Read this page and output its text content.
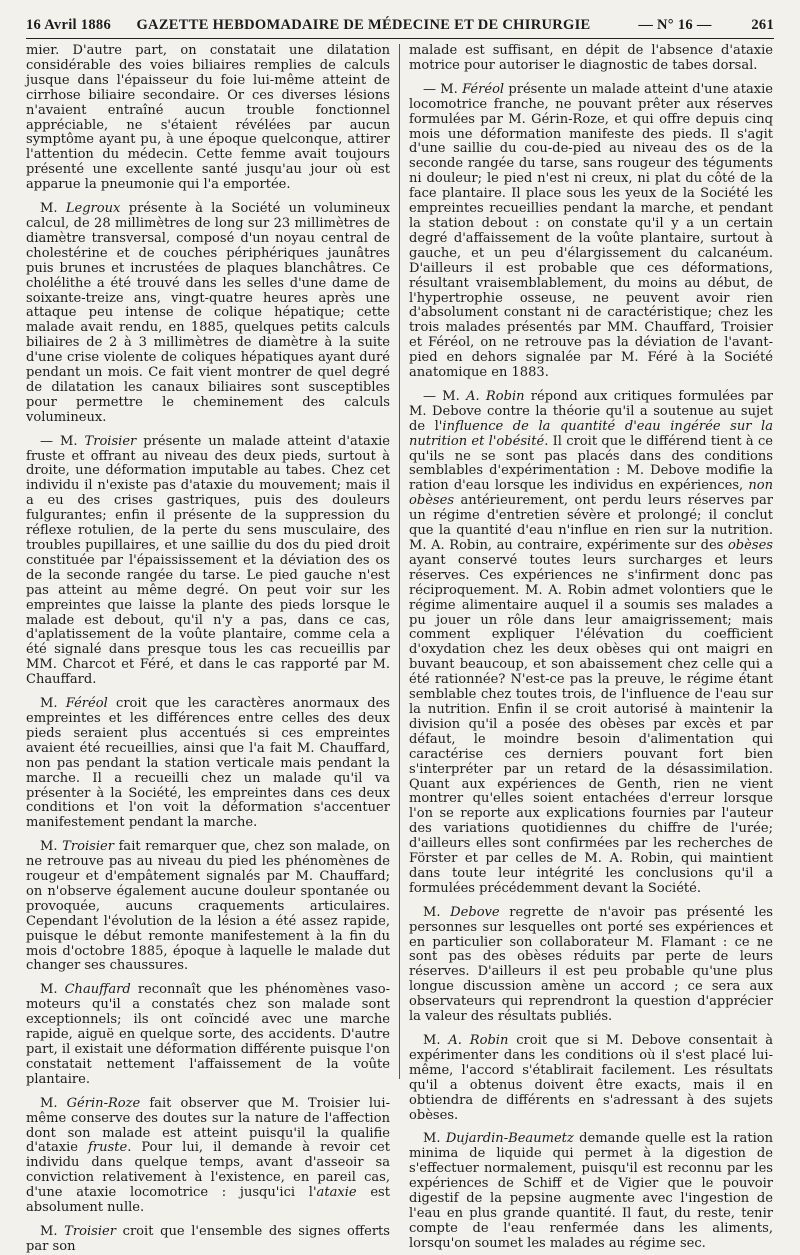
16 Avril 1886	GAZETTE HEBDOMADAIRE DE MÉDECINE ET DE CHIRURGIE	— N° 16 —	261

mier. D'autre part, on constatait une dilatation considérable des voies biliaires remplies de calculs jusque dans l'épaisseur du foie lui-même atteint de cirrhose biliaire secondaire. Or ces diverses lésions n'avaient entraîné aucun trouble fonctionnel appréciable, ne s'étaient révélées par aucun symptôme ayant pu, à une époque quelconque, attirer l'attention du médecin. Cette femme avait toujours présenté une excellente santé jusqu'au jour où est apparue la pneumonie qui l'a emportée.

M. Legroux présente à la Société un volumineux calcul, de 28 millimètres de long sur 23 millimètres de diamètre transversal, composé d'un noyau central de cholestérine et de couches périphériques jaunâtres puis brunes et incrustées de plaques blanchâtres. Ce cholélithe a été trouvé dans les selles d'une dame de soixante-treize ans, vingt-quatre heures après une attaque peu intense de colique hépatique; cette malade avait rendu, en 1885, quelques petits calculs biliaires de 2 à 3 millimètres de diamètre à la suite d'une crise violente de coliques hépatiques ayant duré pendant un mois. Ce fait vient montrer de quel degré de dilatation les canaux biliaires sont susceptibles pour permettre le cheminement des calculs volumineux.

— M. Troisier présente un malade atteint d'ataxie fruste et offrant au niveau des deux pieds, surtout à droite, une déformation imputable au tabes. Chez cet individu il n'existe pas d'ataxie du mouvement; mais il a eu des crises gastriques, puis des douleurs fulgurantes; enfin il présente de la suppression du réflexe rotulien, de la perte du sens musculaire, des troubles pupillaires, et une saillie du dos du pied droit constituée par l'épaississement et la déviation des os de la seconde rangée du tarse. Le pied gauche n'est pas atteint au même degré. On peut voir sur les empreintes que laisse la plante des pieds lorsque le malade est debout, qu'il n'y a pas, dans ce cas, d'aplatissement de la voûte plantaire, comme cela a été signalé dans presque tous les cas recueillis par MM. Charcot et Féré, et dans le cas rapporté par M. Chauffard.

M. Féréol croit que les caractères anormaux des empreintes et les différences entre celles des deux pieds seraient plus accentués si ces empreintes avaient été recueillies, ainsi que l'a fait M. Chauffard, non pas pendant la station verticale mais pendant la marche. Il a recueilli chez un malade qu'il va présenter à la Société, les empreintes dans ces deux conditions et l'on voit la déformation s'accentuer manifestement pendant la marche.

M. Troisier fait remarquer que, chez son malade, on ne retrouve pas au niveau du pied les phénomènes de rougeur et d'empâtement signalés par M. Chauffard; on n'observe également aucune douleur spontanée ou provoquée, aucuns craquements articulaires. Cependant l'évolution de la lésion a été assez rapide, puisque le début remonte manifestement à la fin du mois d'octobre 1885, époque à laquelle le malade dut changer ses chaussures.

M. Chauffard reconnaît que les phénomènes vaso-moteurs qu'il a constatés chez son malade sont exceptionnels; ils ont coïncidé avec une marche rapide, aiguë en quelque sorte, des accidents. D'autre part, il existait une déformation différente puisque l'on constatait nettement l'affaissement de la voûte plantaire.

M. Gérin-Roze fait observer que M. Troisier lui-même conserve des doutes sur la nature de l'affection dont son malade est atteint puisqu'il la qualifie d'ataxie fruste. Pour lui, il demande à revoir cet individu dans quelque temps, avant d'asseoir sa conviction relativement à l'existence, en pareil cas, d'une ataxie locomotrice : jusqu'ici l'ataxie est absolument nulle.

M. Troisier croit que l'ensemble des signes offerts par son

malade est suffisant, en dépit de l'absence d'ataxie motrice pour autoriser le diagnostic de tabes dorsal.

— M. Féréol présente un malade atteint d'une ataxie locomotrice franche, ne pouvant prêter aux réserves formulées par M. Gérin-Roze, et qui offre depuis cinq mois une déformation manifeste des pieds. Il s'agit d'une saillie du cou-de-pied au niveau des os de la seconde rangée du tarse, sans rougeur des téguments ni douleur; le pied n'est ni creux, ni plat du côté de la face plantaire. Il place sous les yeux de la Société les empreintes recueillies pendant la marche, et pendant la station debout : on constate qu'il y a un certain degré d'affaissement de la voûte plantaire, surtout à gauche, et un peu d'élargissement du calcanéum. D'ailleurs il est probable que ces déformations, résultant vraisemblablement, du moins au début, de l'hypertrophie osseuse, ne peuvent avoir rien d'absolument constant ni de caractéristique; chez les trois malades présentés par MM. Chauffard, Troisier et Féréol, on ne retrouve pas la déviation de l'avant-pied en dehors signalée par M. Féré à la Société anatomique en 1883.

— M. A. Robin répond aux critiques formulées par M. Debove contre la théorie qu'il a soutenue au sujet de l'influence de la quantité d'eau ingérée sur la nutrition et l'obésité. Il croit que le différend tient à ce qu'ils ne se sont pas placés dans des conditions semblables d'expérimentation : M. Debove modifie la ration d'eau lorsque les individus en expériences, non obèses antérieurement, ont perdu leurs réserves par un régime d'entretien sévère et prolongé; il conclut que la quantité d'eau n'influe en rien sur la nutrition. M. A. Robin, au contraire, expérimente sur des obèses ayant conservé toutes leurs surcharges et leurs réserves. Ces expériences ne s'infirment donc pas réciproquement. M. A. Robin admet volontiers que le régime alimentaire auquel il a soumis ses malades a pu jouer un rôle dans leur amaigrissement; mais comment expliquer l'élévation du coefficient d'oxydation chez les deux obèses qui ont maigri en buvant beaucoup, et son abaissement chez celle qui a été rationnée? N'est-ce pas la preuve, le régime étant semblable chez toutes trois, de l'influence de l'eau sur la nutrition. Enfin il se croit autorisé à maintenir la division qu'il a posée des obèses par excès et par défaut, le moindre besoin d'alimentation qui caractérise ces derniers pouvant fort bien s'interpréter par un retard de la désassimilation. Quant aux expériences de Genth, rien ne vient montrer qu'elles soient entachées d'erreur lorsque l'on se reporte aux explications fournies par l'auteur des variations quotidiennes du chiffre de l'urée; d'ailleurs elles sont confirmées par les recherches de Förster et par celles de M. A. Robin, qui maintient dans toute leur intégrité les conclusions qu'il a formulées précédemment devant la Société.

M. Debove regrette de n'avoir pas présenté les personnes sur lesquelles ont porté ses expériences et en particulier son collaborateur M. Flamant : ce ne sont pas des obèses réduits par perte de leurs réserves. D'ailleurs il est peu probable qu'une plus longue discussion amène un accord ; ce sera aux observateurs qui reprendront la question d'apprécier la valeur des résultats publiés.

M. A. Robin croit que si M. Debove consentait à expérimenter dans les conditions où il s'est placé lui-même, l'accord s'établirait facilement. Les résultats qu'il a obtenus doivent être exacts, mais il en obtiendra de différents en s'adressant à des sujets obèses.

M. Dujardin-Beaumetz demande quelle est la ration minima de liquide qui permet à la digestion de s'effectuer normalement, puisqu'il est reconnu par les expériences de Schiff et de Vigier que le pouvoir digestif de la pepsine augmente avec l'ingestion de l'eau en plus grande quantité. Il faut, du reste, tenir compte de l'eau renfermée dans les aliments, lorsqu'on soumet les malades au régime sec.
